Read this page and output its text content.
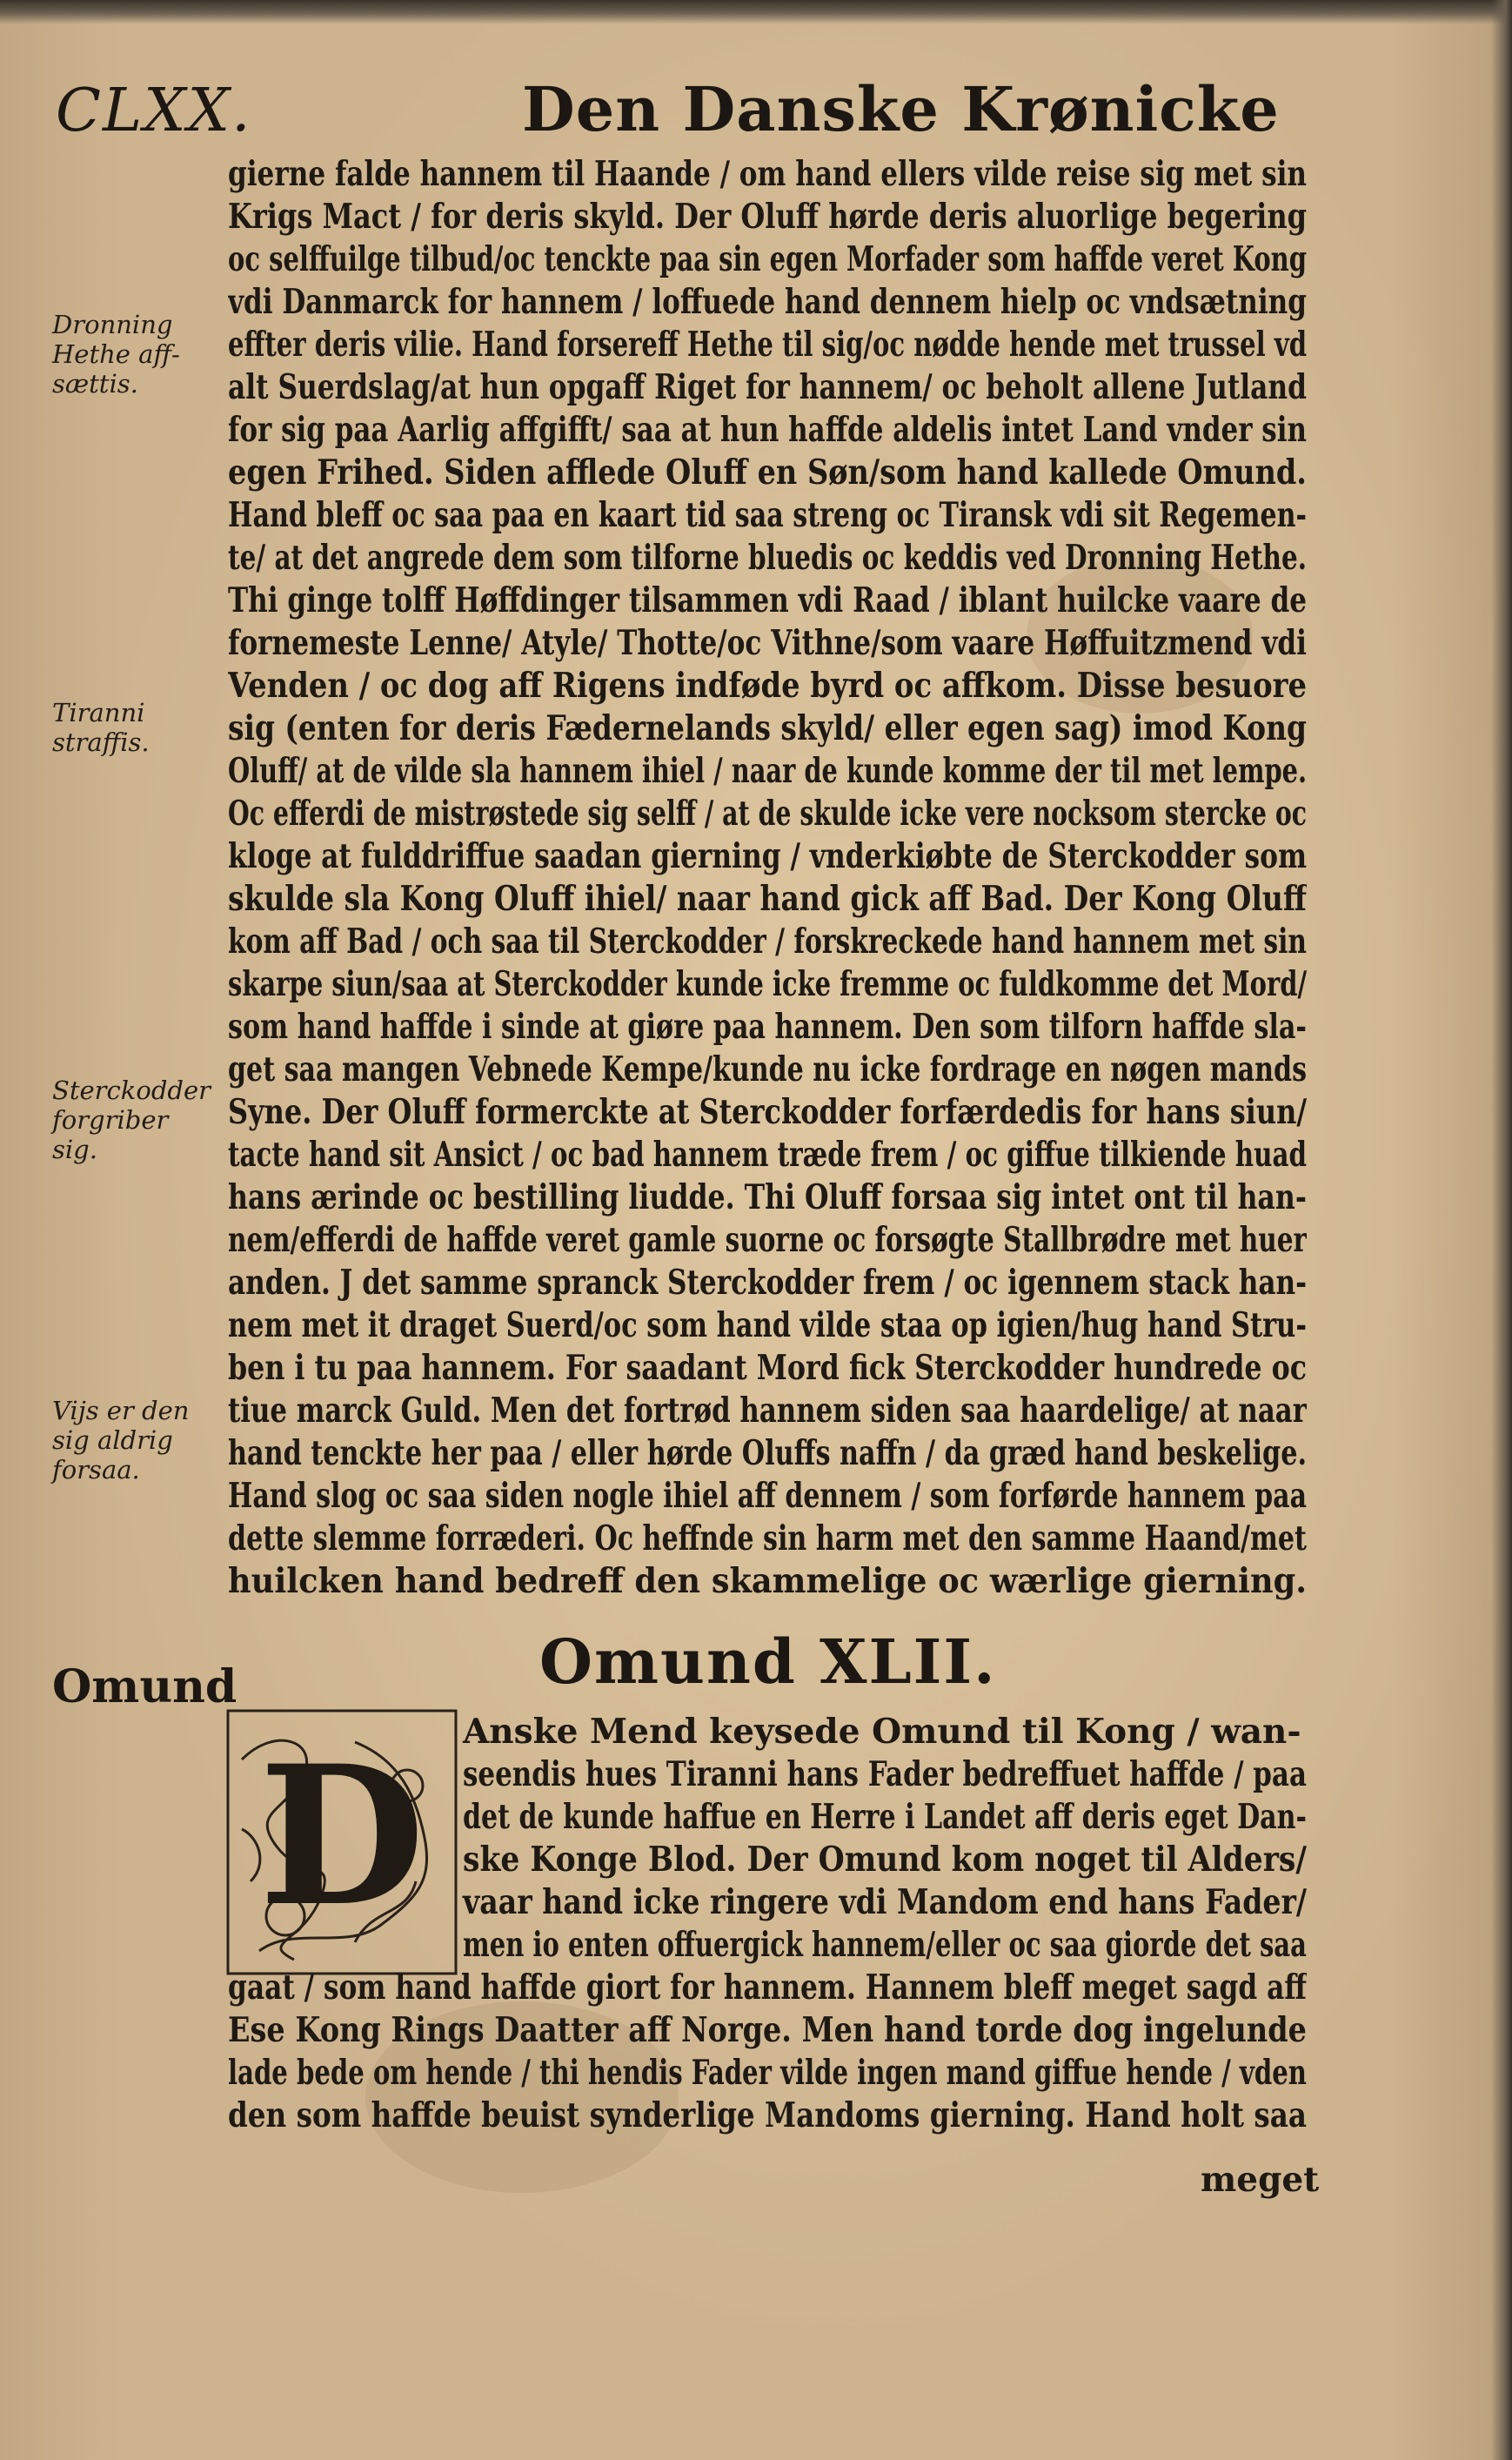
CLXX.	Den Danske Krønicke
gierne falde hannem til Haande / om hand ellers vilde reise sig met sin
Krigs Mact / for deris skyld. Der Oluff hørde deris aluorlige begering
oc selffuilge tilbud/oc tenckte paa sin egen Morfader som haffde veret Kong
vdi Danmarck for hannem / loffuede hand dennem hielp oc vndsætning
effter deris vilie. Hand forsereff Hethe til sig/oc nødde hende met trussel vd
alt Suerdslag/at hun opgaff Riget for hannem/ oc beholt allene Jutland
for sig paa Aarlig affgifft/ saa at hun haffde aldelis intet Land vnder sin
egen Frihed. Siden afflede Oluff en Søn/som hand kallede Omund.
Hand bleff oc saa paa en kaart tid saa streng oc Tiransk vdi sit Regemen-
te/ at det angrede dem som tilforne bluedis oc keddis ved Dronning Hethe.
Thi ginge tolff Høffdinger tilsammen vdi Raad / iblant huilcke vaare de
fornemeste Lenne/ Atyle/ Thotte/oc Vithne/som vaare Høffuitzmend vdi
Venden / oc dog aff Rigens indføde byrd oc affkom. Disse besuore
sig (enten for deris Fædernelands skyld/ eller egen sag) imod Kong
Oluff/ at de vilde sla hannem ihiel / naar de kunde komme der til met lempe.
Oc efferdi de mistrøstede sig selff / at de skulde icke vere nocksom stercke oc
kloge at fulddriffue saadan gierning / vnderkiøbte de Sterckodder som
skulde sla Kong Oluff ihiel/ naar hand gick aff Bad. Der Kong Oluff
kom aff Bad / och saa til Sterckodder / forskreckede hand hannem met sin
skarpe siun/saa at Sterckodder kunde icke fremme oc fuldkomme det Mord/
som hand haffde i sinde at giøre paa hannem. Den som tilforn haffde sla-
get saa mangen Vebnede Kempe/kunde nu icke fordrage en nøgen mands
Syne. Der Oluff formerckte at Sterckodder forfærdedis for hans siun/
tacte hand sit Ansict / oc bad hannem træde frem / oc giffue tilkiende huad
hans ærinde oc bestilling liudde. Thi Oluff forsaa sig intet ont til han-
nem/efferdi de haffde veret gamle suorne oc forsøgte Stallbrødre met huer
anden. J det samme spranck Sterckodder frem / oc igennem stack han-
nem met it draget Suerd/oc som hand vilde staa op igien/hug hand Stru-
ben i tu paa hannem. For saadant Mord fick Sterckodder hundrede oc
tiue marck Guld. Men det fortrød hannem siden saa haardelige/ at naar
hand tenckte her paa / eller hørde Oluffs naffn / da græd hand beskelige.
Hand slog oc saa siden nogle ihiel aff dennem / som forførde hannem paa
dette slemme forræderi. Oc heffnde sin harm met den samme Haand/met
huilcken hand bedreff den skammelige oc wærlige gierning.
Dronning
Hethe aff-
sættis.
Tiranni
straffis.
Sterckodder
forgriber
sig.
Vijs er den
sig aldrig
forsaa.
Omund	Omund XLII.
D	Anske Mend keysede Omund til Kong / wan-
seendis hues Tiranni hans Fader bedreffuet haffde / paa
det de kunde haffue en Herre i Landet aff deris eget Dan-
ske Konge Blod. Der Omund kom noget til Alders/
vaar hand icke ringere vdi Mandom end hans Fader/
men io enten offuergick hannem/eller oc saa giorde det saa
gaat / som hand haffde giort for hannem. Hannem bleff meget sagd aff
Ese Kong Rings Daatter aff Norge. Men hand torde dog ingelunde
lade bede om hende / thi hendis Fader vilde ingen mand giffue hende / vden
den som haffde beuist synderlige Mandoms gierning. Hand holt saa
meget
